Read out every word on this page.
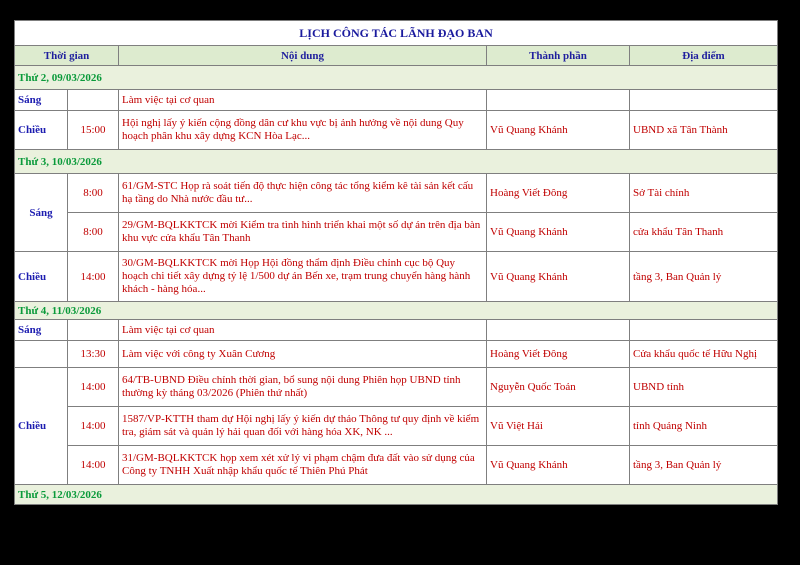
LỊCH CÔNG TÁC LÃNH ĐẠO BAN				
Thời gian		Nội dung	Thành phần	Địa điểm
Thứ 2, 09/03/2026				
Sáng		Làm việc tại cơ quan		
Chiều	15:00	Hội nghị lấy ý kiến cộng đồng dân cư khu vực bị ảnh hưởng về nội dung Quy hoạch phân khu xây dựng KCN Hòa Lạc...	Vũ Quang Khánh	UBND xã Tân Thành
Thứ 3, 10/03/2026				
Sáng	8:00	61/GM-STC Họp rà soát tiến độ thực hiện công tác tổng kiểm kê tài sản kết cấu hạ tầng do Nhà nước đầu tư...	Hoàng Viết Đông	Sở Tài chính
	8:00	29/GM-BQLKKTCK mời Kiểm tra tình hình triển khai một số dự án trên địa bàn khu vực cửa khẩu Tân Thanh	Vũ Quang Khánh	cửa khẩu Tân Thanh
Chiều	14:00	30/GM-BQLKKTCK mời Họp Hội đồng thẩm định Điều chỉnh cục bộ Quy hoạch chi tiết xây dựng tỷ lệ 1/500 dự án Bến xe, trạm trung chuyển hàng hành khách - hàng hóa...	Vũ Quang Khánh	tầng 3, Ban Quản lý
Thứ 4, 11/03/2026				
Sáng		Làm việc tại cơ quan		
	13:30	Làm việc với công ty Xuân Cương	Hoàng Viết Đông	Cửa khẩu quốc tế Hữu Nghị
Chiều	14:00	64/TB-UBND Điều chỉnh thời gian, bổ sung nội dung Phiên họp UBND tỉnh thường kỳ tháng 03/2026 (Phiên thứ nhất)	Nguyễn Quốc Toản	UBND tỉnh
	14:00	1587/VP-KTTH tham dự Hội nghị lấy ý kiến dự thảo Thông tư quy định về kiểm tra, giám sát và quản lý hải quan đối với hàng hóa XK, NK ...	Vũ Việt Hải	tỉnh Quảng Ninh
	14:00	31/GM-BQLKKTCK họp xem xét xử lý vi phạm chậm đưa đất vào sử dụng của Công ty TNHH Xuất nhập khẩu quốc tế Thiên Phú Phát	Vũ Quang Khánh	tầng 3, Ban Quản lý
Thứ 5, 12/03/2026				
